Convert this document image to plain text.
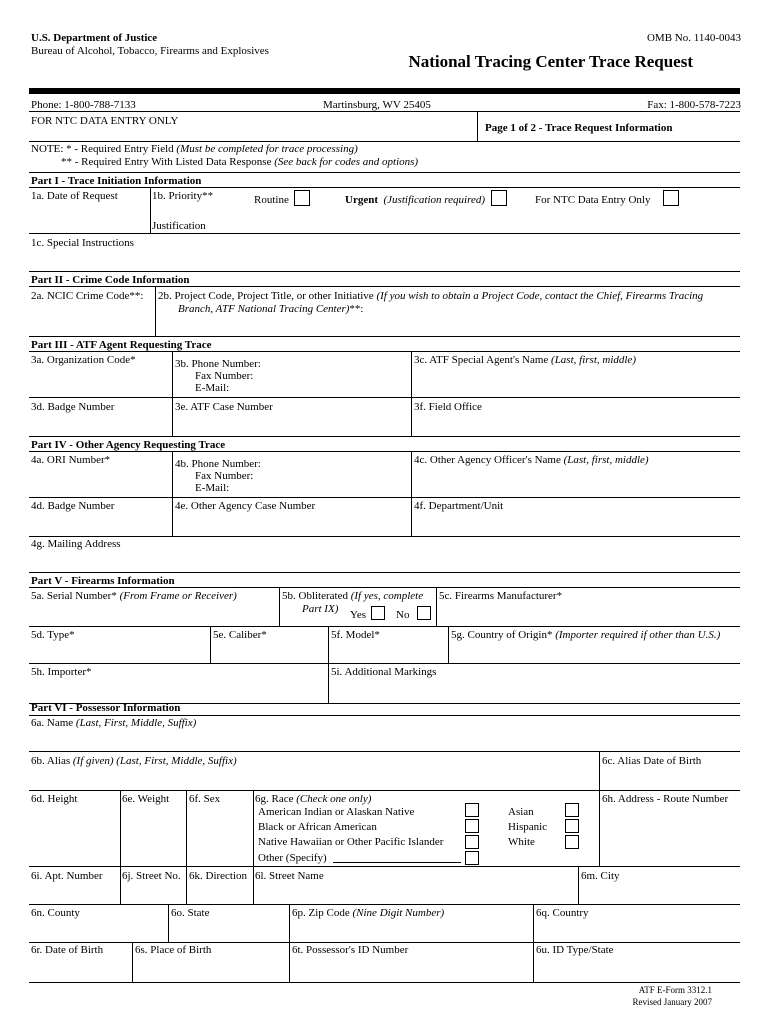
U.S. Department of Justice
Bureau of Alcohol, Tobacco, Firearms and Explosives
OMB No. 1140-0043
National Tracing Center Trace Request
Phone: 1-800-788-7133	Martinsburg, WV 25405	Fax: 1-800-578-7223
FOR NTC DATA ENTRY ONLY
Page 1 of 2 - Trace Request Information
NOTE: * - Required Entry Field (Must be completed for trace processing)
** - Required Entry With Listed Data Response (See back for codes and options)
Part I - Trace Initiation Information
1a. Date of Request	1b. Priority**	Routine	Urgent (Justification required)	For NTC Data Entry Only
Justification
1c. Special Instructions
Part II - Crime Code Information
2a. NCIC Crime Code**: 2b. Project Code, Project Title, or other Initiative (If you wish to obtain a Project Code, contact the Chief, Firearms Tracing
Branch, ATF National Tracing Center)**:
Part III - ATF Agent Requesting Trace
3a. Organization Code*	3b. Phone Number:
Fax Number:
E-Mail:
3c. ATF Special Agent's Name (Last, first, middle)
3d. Badge Number	3e. ATF Case Number	3f. Field Office
Part IV - Other Agency Requesting Trace
4a. ORI Number*	4b. Phone Number:
Fax Number:
E-Mail:
4c. Other Agency Officer's Name (Last, first, middle)
4d. Badge Number	4e. Other Agency Case Number	4f. Department/Unit
4g. Mailing Address
Part V - Firearms Information
5a. Serial Number* (From Frame or Receiver)	5b. Obliterated (If yes, complete
Part IX) Yes	No
5c. Firearms Manufacturer*
5d. Type*	5e. Caliber*	5f. Model*	5g. Country of Origin* (Importer required if other than U.S.)
5h. Importer*	5i. Additional Markings
Part VI - Possessor Information
6a. Name (Last, First, Middle, Suffix)
6b. Alias (If given) (Last, First, Middle, Suffix)	6c. Alias Date of Birth
6d. Height	6e. Weight 6f. Sex	6g. Race (Check one only)
American Indian or Alaskan Native
Black or African American
Native Hawaiian or Other Pacific Islander
Other (Specify)
Asian
Hispanic
White
6h. Address - Route Number
6i. Apt. Number 6j. Street No. 6k. Direction 6l. Street Name	6m. City
6n. County	6o. State	6p. Zip Code (Nine Digit Number)	6q. Country
6r. Date of Birth	6s. Place of Birth	6t. Possessor's ID Number	6u. ID Type/State
ATF E-Form 3312.1
Revised January 2007
